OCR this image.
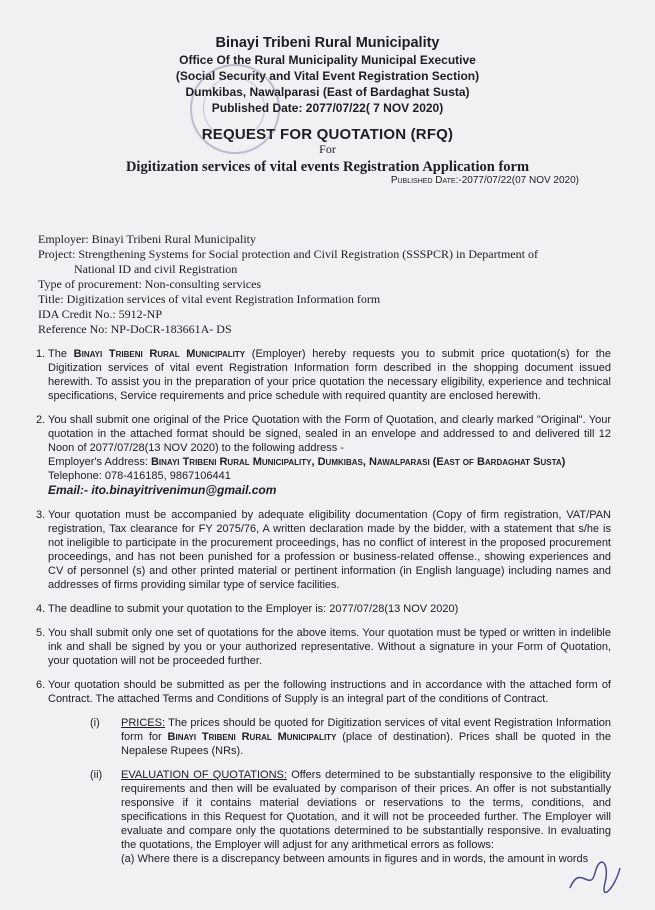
Binayi Tribeni Rural Municipality
Office Of the Rural Municipality Municipal Executive
(Social Security and Vital Event Registration Section)
Dumkibas, Nawalparasi (East of Bardaghat Susta)
Published Date: 2077/07/22( 7 NOV 2020)
REQUEST FOR QUOTATION (RFQ)
For
Digitization services of vital events Registration Application form
Published Date:-2077/07/22(07 NOV 2020)
Employer: Binayi Tribeni Rural Municipality
Project: Strengthening Systems for Social protection and Civil Registration (SSSPCR) in Department of
National ID and civil Registration
Type of procurement: Non-consulting services
Title: Digitization services of vital event Registration Information form
IDA Credit No.: 5912-NP
Reference No: NP-DoCR-183661A- DS
1. The Binayi Tribeni Rural Municipality (Employer) hereby requests you to submit price quotation(s) for the Digitization services of vital event Registration Information form described in the shopping document issued herewith. To assist you in the preparation of your price quotation the necessary eligibility, experience and technical specifications, Service requirements and price schedule with required quantity are enclosed herewith.
2. You shall submit one original of the Price Quotation with the Form of Quotation, and clearly marked "Original". Your quotation in the attached format should be signed, sealed in an envelope and addressed to and delivered till 12 Noon of 2077/07/28(13 NOV 2020) to the following address -
Employer's Address: Binayi Tribeni Rural Municipality, Dumkibas, Nawalparasi (East of Bardaghat Susta)
Telephone: 078-416185, 9867106441
Email:- ito.binayitrivenimun@gmail.com
3. Your quotation must be accompanied by adequate eligibility documentation (Copy of firm registration, VAT/PAN registration, Tax clearance for FY 2075/76, A written declaration made by the bidder, with a statement that s/he is not ineligible to participate in the procurement proceedings, has no conflict of interest in the proposed procurement proceedings, and has not been punished for a profession or business-related offense., showing experiences and CV of personnel (s) and other printed material or pertinent information (in English language) including names and addresses of firms providing similar type of service facilities.
4. The deadline to submit your quotation to the Employer is: 2077/07/28(13 NOV 2020)
5. You shall submit only one set of quotations for the above items. Your quotation must be typed or written in indelible ink and shall be signed by you or your authorized representative. Without a signature in your Form of Quotation, your quotation will not be proceeded further.
6. Your quotation should be submitted as per the following instructions and in accordance with the attached form of Contract. The attached Terms and Conditions of Supply is an integral part of the conditions of Contract.
(i)	PRICES: The prices should be quoted for Digitization services of vital event Registration Information form for Binayi Tribeni Rural Municipality (place of destination). Prices shall be quoted in the Nepalese Rupees (NRs).
(ii)	EVALUATION OF QUOTATIONS: Offers determined to be substantially responsive to the eligibility requirements and then will be evaluated by comparison of their prices. An offer is not substantially responsive if it contains material deviations or reservations to the terms, conditions, and specifications in this Request for Quotation, and it will not be proceeded further. The Employer will evaluate and compare only the quotations determined to be substantially responsive. In evaluating the quotations, the Employer will adjust for any arithmetical errors as follows:
(a) Where there is a discrepancy between amounts in figures and in words, the amount in words
